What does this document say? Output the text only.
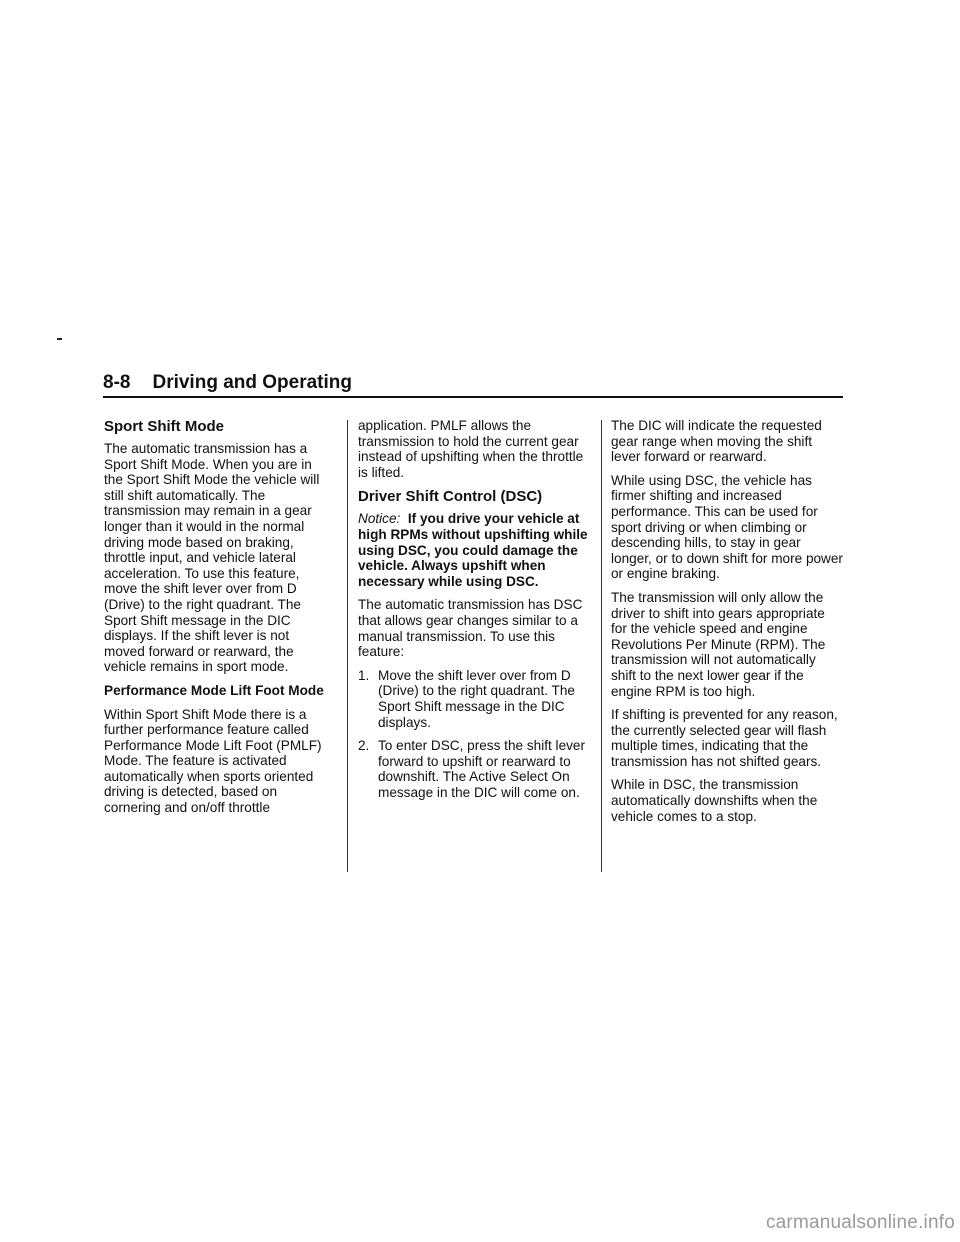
8-8 Driving and Operating
Sport Shift Mode

The automatic transmission has a Sport Shift Mode. When you are in the Sport Shift Mode the vehicle will still shift automatically. The transmission may remain in a gear longer than it would in the normal driving mode based on braking, throttle input, and vehicle lateral acceleration. To use this feature, move the shift lever over from D (Drive) to the right quadrant. The Sport Shift message in the DIC displays. If the shift lever is not moved forward or rearward, the vehicle remains in sport mode.

Performance Mode Lift Foot Mode

Within Sport Shift Mode there is a further performance feature called Performance Mode Lift Foot (PMLF) Mode. The feature is activated automatically when sports oriented driving is detected, based on cornering and on/off throttle

application. PMLF allows the transmission to hold the current gear instead of upshifting when the throttle is lifted.

Driver Shift Control (DSC)

Notice: If you drive your vehicle at high RPMs without upshifting while using DSC, you could damage the vehicle. Always upshift when necessary while using DSC.

The automatic transmission has DSC that allows gear changes similar to a manual transmission. To use this feature:

1. Move the shift lever over from D (Drive) to the right quadrant. The Sport Shift message in the DIC displays.
2. To enter DSC, press the shift lever forward to upshift or rearward to downshift. The Active Select On message in the DIC will come on.

The DIC will indicate the requested gear range when moving the shift lever forward or rearward.

While using DSC, the vehicle has firmer shifting and increased performance. This can be used for sport driving or when climbing or descending hills, to stay in gear longer, or to down shift for more power or engine braking.

The transmission will only allow the driver to shift into gears appropriate for the vehicle speed and engine Revolutions Per Minute (RPM). The transmission will not automatically shift to the next lower gear if the engine RPM is too high.

If shifting is prevented for any reason, the currently selected gear will flash multiple times, indicating that the transmission has not shifted gears.

While in DSC, the transmission automatically downshifts when the vehicle comes to a stop.

carmanualsonline.info
